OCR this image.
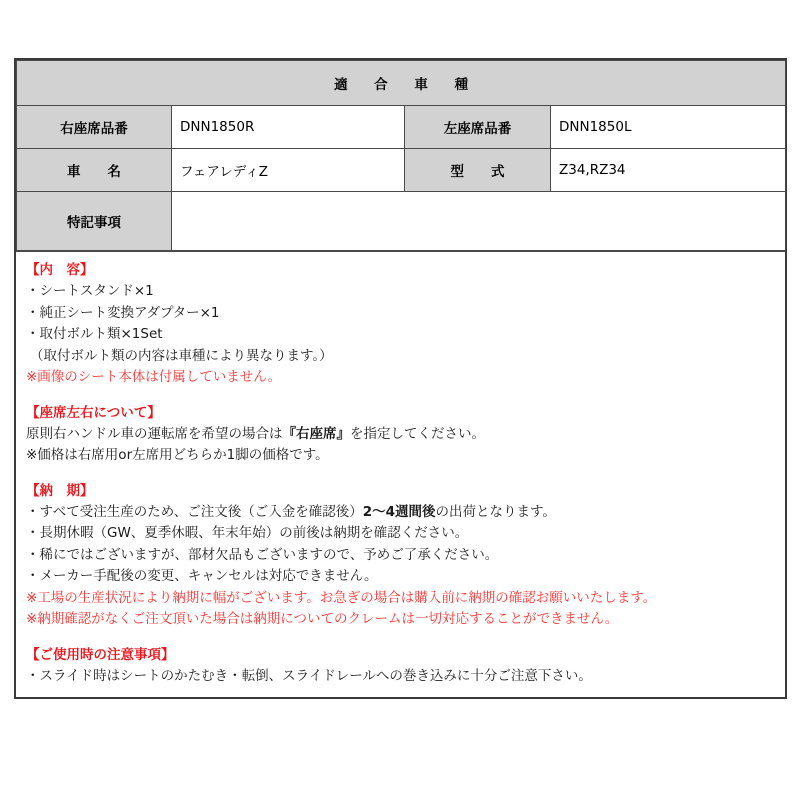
適 合 車 種			
右座席品番	DNN1850R	左座席品番	DNN1850L
車　　名	フェアレディZ	型　　式	Z34,RZ34
特記事項			
【内　容】
・シートスタンド×1
・純正シート変換アダプター×1
・取付ボルト類×1Set
（取付ボルト類の内容は車種により異なります。）
※画像のシート本体は付属していません。
【座席左右について】
原則右ハンドル車の運転席を希望の場合は『右座席』を指定してください。
※価格は右席用or左席用どちらか1脚の価格です。
【納　期】
・すべて受注生産のため、ご注文後（ご入金を確認後）2〜4週間後の出荷となります。
・長期休暇（GW、夏季休暇、年末年始）の前後は納期を確認ください。
・稀にではございますが、部材欠品もございますので、予めご了承ください。
・メーカー手配後の変更、キャンセルは対応できません。
※工場の生産状況により納期に幅がございます。お急ぎの場合は購入前に納期の確認お願いいたします。
※納期確認がなくご注文頂いた場合は納期についてのクレームは一切対応することができません。
【ご使用時の注意事項】
・スライド時はシートのかたむき・転倒、スライドレールへの巻き込みに十分ご注意下さい。
